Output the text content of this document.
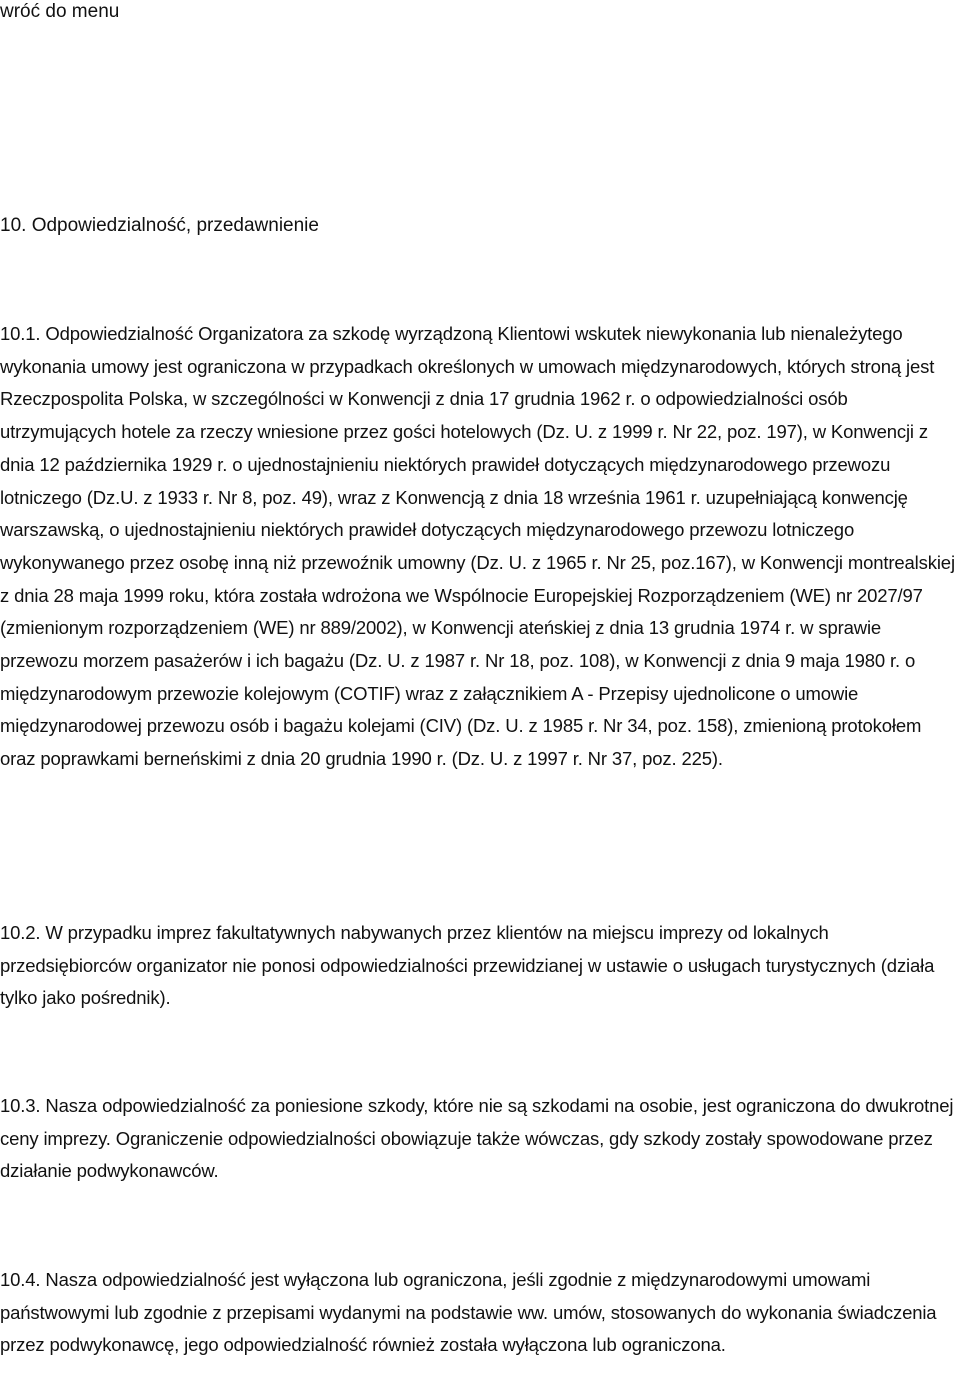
wróć do menu
10. Odpowiedzialność, przedawnienie

10.1. Odpowiedzialność Organizatora za szkodę wyrządzoną Klientowi wskutek niewykonania lub nienależytego wykonania umowy jest ograniczona w przypadkach określonych w umowach międzynarodowych, których stroną jest Rzeczpospolita Polska, w szczególności w Konwencji z dnia 17 grudnia 1962 r. o odpowiedzialności osób utrzymujących hotele za rzeczy wniesione przez gości hotelowych (Dz. U. z 1999 r. Nr 22, poz. 197), w Konwencji z dnia 12 października 1929 r. o ujednostajnieniu niektórych prawideł dotyczących międzynarodowego przewozu lotniczego (Dz.U. z 1933 r. Nr 8, poz. 49), wraz z Konwencją z dnia 18 września 1961 r. uzupełniającą konwencję warszawską, o ujednostajnieniu niektórych prawideł dotyczących międzynarodowego przewozu lotniczego wykonywanego przez osobę inną niż przewoźnik umowny (Dz. U. z 1965 r. Nr 25, poz.167), w Konwencji montrealskiej z dnia 28 maja 1999 roku, która została wdrożona we Wspólnocie Europejskiej Rozporządzeniem (WE) nr 2027/97 (zmienionym rozporządzeniem (WE) nr 889/2002), w Konwencji ateńskiej z dnia 13 grudnia 1974 r. w sprawie przewozu morzem pasażerów i ich bagażu (Dz. U. z 1987 r. Nr 18, poz. 108), w Konwencji z dnia 9 maja 1980 r. o międzynarodowym przewozie kolejowym (COTIF) wraz z załącznikiem A - Przepisy ujednolicone o umowie międzynarodowej przewozu osób i bagażu kolejami (CIV) (Dz. U. z 1985 r. Nr 34, poz. 158), zmienioną protokołem oraz poprawkami berneńskimi z dnia 20 grudnia 1990 r. (Dz. U. z 1997 r. Nr 37, poz. 225).

10.2. W przypadku imprez fakultatywnych nabywanych przez klientów na miejscu imprezy od lokalnych przedsiębiorców organizator nie ponosi odpowiedzialności przewidzianej w ustawie o usługach turystycznych (działa tylko jako pośrednik).

10.3. Nasza odpowiedzialność za poniesione szkody, które nie są szkodami na osobie, jest ograniczona do dwukrotnej ceny imprezy. Ograniczenie odpowiedzialności obowiązuje także wówczas, gdy szkody zostały spowodowane przez działanie podwykonawców.

10.4. Nasza odpowiedzialność jest wyłączona lub ograniczona, jeśli zgodnie z międzynarodowymi umowami państwowymi lub zgodnie z przepisami wydanymi na podstawie ww. umów, stosowanych do wykonania świadczenia przez podwykonawcę, jego odpowiedzialność również została wyłączona lub ograniczona.
